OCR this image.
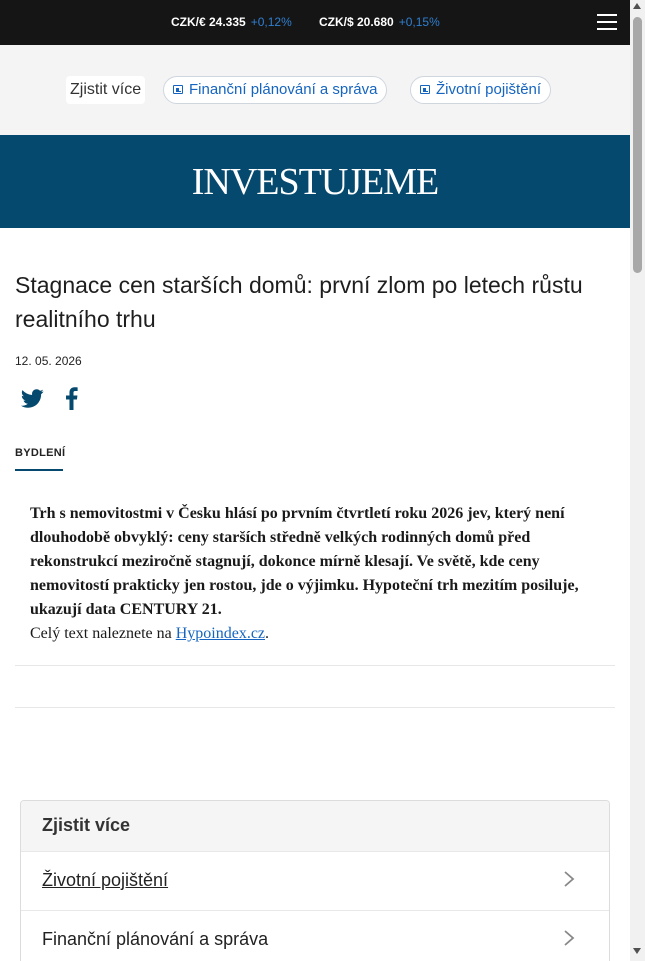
CZK/€ 24.335 +0,12% CZK/$ 20.680 +0,15%
Zjistit více	Finanční plánování a správa	Životní pojištění
INVESTUJEME
Stagnace cen starších domů: první zlom po letech růstu realitního trhu
12. 05. 2026
BYDLENÍ

Trh s nemovitostmi v Česku hlásí po prvním čtvrtletí roku 2026 jev, který není dlouhodobě obvyklý: ceny starších středně velkých rodinných domů před rekonstrukcí meziročně stagnují, dokonce mírně klesají. Ve světě, kde ceny nemovitostí prakticky jen rostou, jde o výjimku. Hypoteční trh mezitím posiluje, ukazují data CENTURY 21.
Celý text naleznete na Hypoindex.cz.

Zjistit více
Životní pojištění
Finanční plánování a správa
